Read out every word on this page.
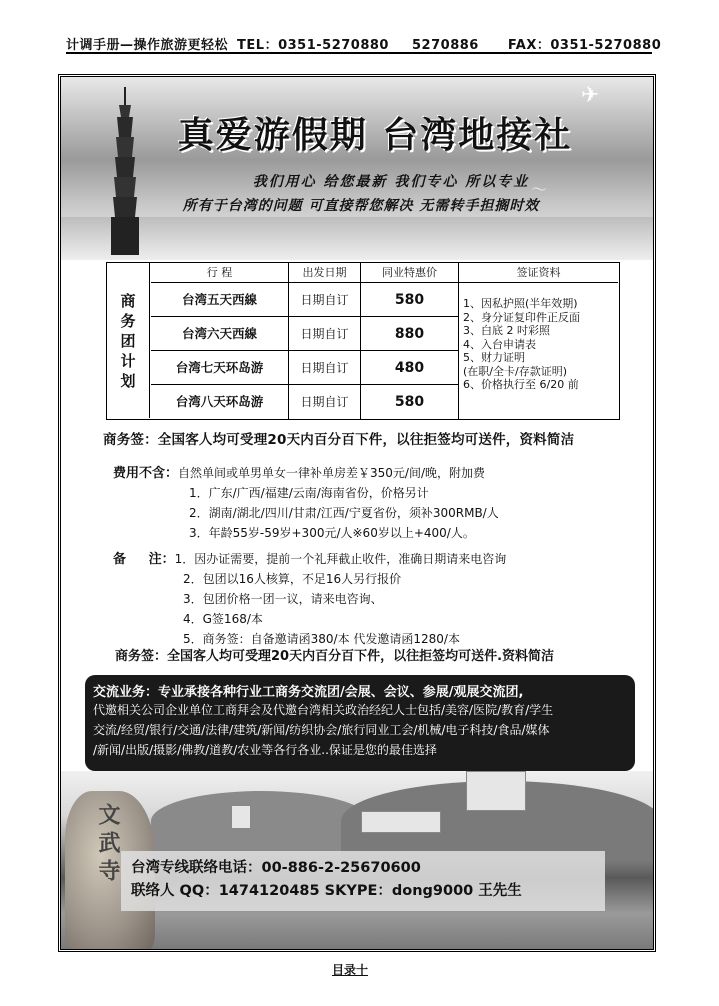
计调手册—操作旅游更轻松 TEL：0351-5270880 5270886 FAX：0351-5270880
✈
〜
真爱游假期 台湾地接社
我们用心 给您最新 我们专心 所以专业
所有于台湾的问题 可直接帮您解决 无需转手担搁时效
商
务
团
计
划
行 程	出发日期	同业特惠价	签证资料
台湾五天西線	日期自订	580
台湾六天西線	日期自订	880
台湾七天环岛游	日期自订	480
台湾八天环岛游	日期自订	580
1、因私护照(半年效期)
2、身分证复印件正反面
3、白底 2 吋彩照
4、入台申请表
5、财力证明
(在职/全卡/存款证明)
6、价格执行至 6/20 前
商务签：全国客人均可受理20天内百分百下件，以往拒签均可送件，资料简洁
费用不含：自然单间或单男单女一律补单房差￥350元/间/晚，附加费
1．广东/广西/福建/云南/海南省份，价格另计
2．湖南/湖北/四川/甘肃/江西/宁夏省份，须补300RMB/人
3．年龄55岁-59岁+300元/人※60岁以上+400/人。
备     注：1．因办证需要，提前一个礼拜截止收件，准确日期请来电咨询
2．包团以16人核算，不足16人另行报价
3．包团价格一团一议，请来电咨询、
4．G签168/本
5．商务签：自备邀请函380/本 代发邀请函1280/本
商务签：全国客人均可受理20天内百分百下件，以往拒签均可送件.资料简洁
交流业务：专业承接各种行业工商务交流团/会展、会议、参展/观展交流团,
代邀相关公司企业单位工商拜会及代邀台湾相关政治经纪人士包括/美容/医院/教育/学生
交流/经贸/银行/交通/法律/建筑/新闻/纺织协会/旅行同业工会/机械/电子科技/食品/媒体
/新闻/出版/摄影/佛教/道教/农业等各行各业..保证是您的最佳选择
文武寺 台湾专线联络电话：00-886-2-25670600
联络人 QQ：1474120485 SKYPE：dong9000 王先生
目录十
